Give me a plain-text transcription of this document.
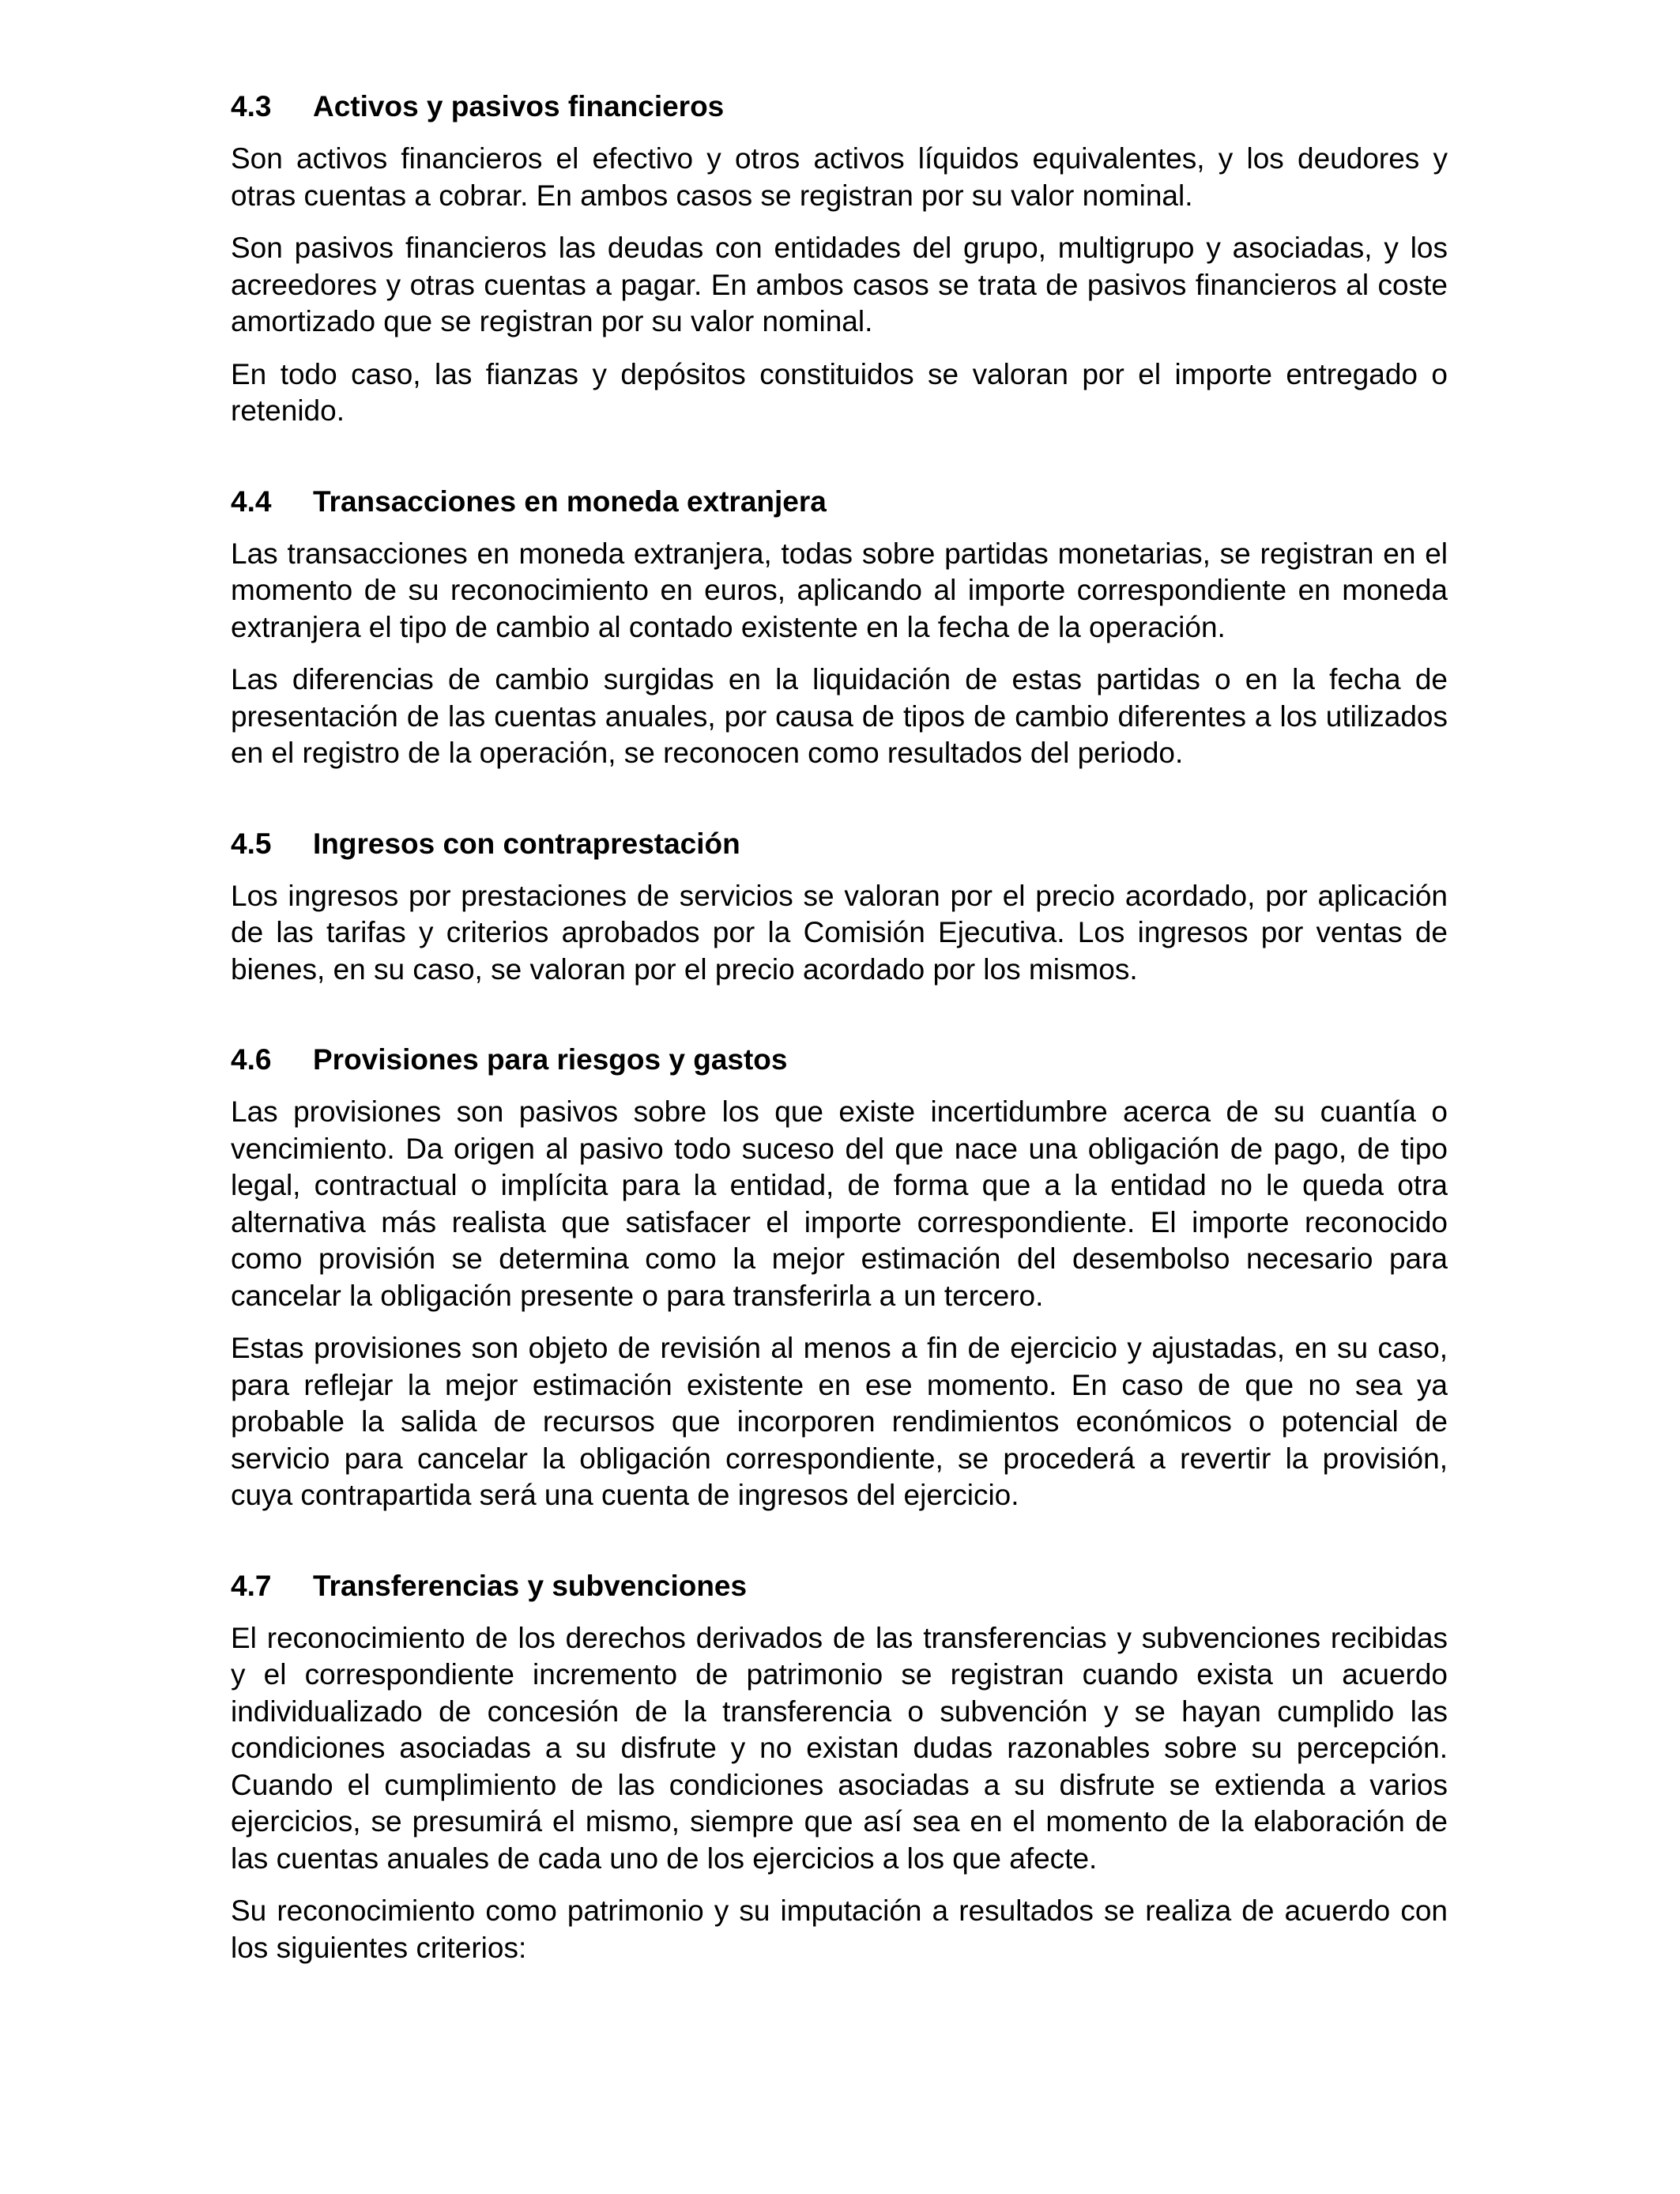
4.3	Activos y pasivos financieros

Son activos financieros el efectivo y otros activos líquidos equivalentes, y los deudores y otras cuentas a cobrar. En ambos casos se registran por su valor nominal.

Son pasivos financieros las deudas con entidades del grupo, multigrupo y asociadas, y los acreedores y otras cuentas a pagar. En ambos casos se trata de pasivos financieros al coste amortizado que se registran por su valor nominal.

En todo caso, las fianzas y depósitos constituidos se valoran por el importe entregado o retenido.

4.4	Transacciones en moneda extranjera

Las transacciones en moneda extranjera, todas sobre partidas monetarias, se registran en el momento de su reconocimiento en euros, aplicando al importe correspondiente en moneda extranjera el tipo de cambio al contado existente en la fecha de la operación.

Las diferencias de cambio surgidas en la liquidación de estas partidas o en la fecha de presentación de las cuentas anuales, por causa de tipos de cambio diferentes a los utilizados en el registro de la operación, se reconocen como resultados del periodo.

4.5	Ingresos con contraprestación

Los ingresos por prestaciones de servicios se valoran por el precio acordado, por aplicación de las tarifas y criterios aprobados por la Comisión Ejecutiva. Los ingresos por ventas de bienes, en su caso, se valoran por el precio acordado por los mismos.

4.6	Provisiones para riesgos y gastos

Las provisiones son pasivos sobre los que existe incertidumbre acerca de su cuantía o vencimiento. Da origen al pasivo todo suceso del que nace una obligación de pago, de tipo legal, contractual o implícita para la entidad, de forma que a la entidad no le queda otra alternativa más realista que satisfacer el importe correspondiente. El importe reconocido como provisión se determina como la mejor estimación del desembolso necesario para cancelar la obligación presente o para transferirla a un tercero.

Estas provisiones son objeto de revisión al menos a fin de ejercicio y ajustadas, en su caso, para reflejar la mejor estimación existente en ese momento. En caso de que no sea ya probable la salida de recursos que incorporen rendimientos económicos o potencial de servicio para cancelar la obligación correspondiente, se procederá a revertir la provisión, cuya contrapartida será una cuenta de ingresos del ejercicio.

4.7	Transferencias y subvenciones

El reconocimiento de los derechos derivados de las transferencias y subvenciones recibidas y el correspondiente incremento de patrimonio se registran cuando exista un acuerdo individualizado de concesión de la transferencia o subvención y se hayan cumplido las condiciones asociadas a su disfrute y no existan dudas razonables sobre su percepción. Cuando el cumplimiento de las condiciones asociadas a su disfrute se extienda a varios ejercicios, se presumirá el mismo, siempre que así sea en el momento de la elaboración de las cuentas anuales de cada uno de los ejercicios a los que afecte.

Su reconocimiento como patrimonio y su imputación a resultados se realiza de acuerdo con los siguientes criterios:
